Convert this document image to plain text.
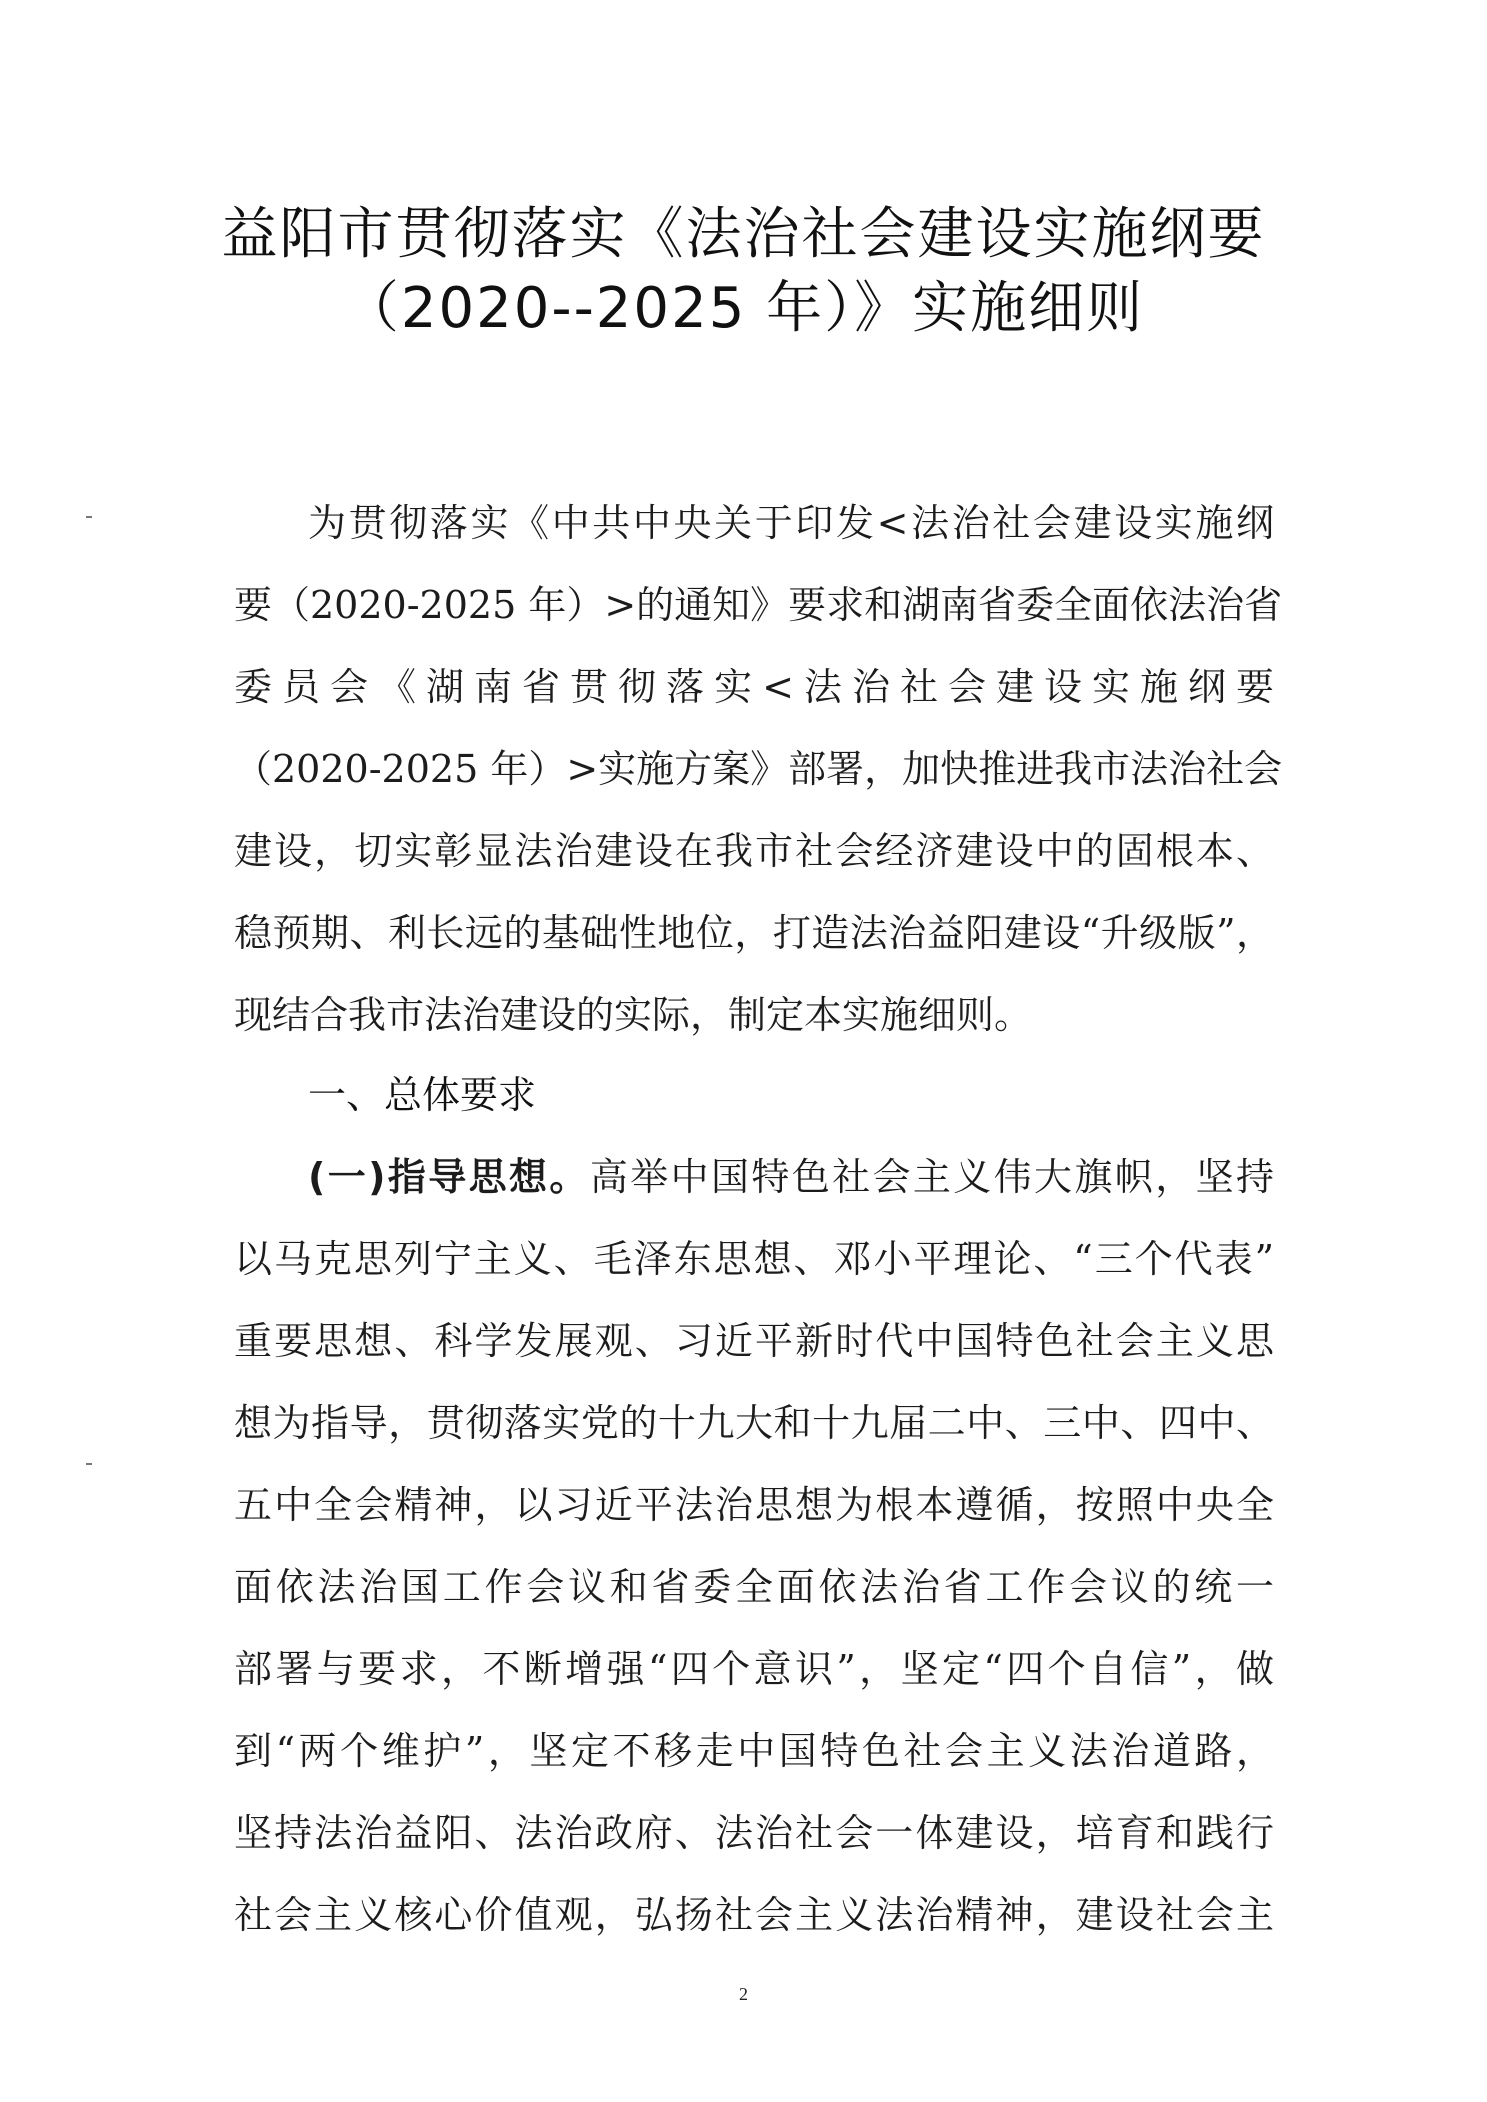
益阳市贯彻落实《法治社会建设实施纲要
（2020--2025 年）》实施细则
为贯彻落实《中共中央关于印发<法治社会建设实施纲
要（2020-2025 年）>的通知》要求和湖南省委全面依法治省
委员会《湖南省贯彻落实<法治社会建设实施纲要
（2020-2025 年）>实施方案》部署，加快推进我市法治社会
建设，切实彰显法治建设在我市社会经济建设中的固根本、
稳预期、利长远的基础性地位，打造法治益阳建设“升级版”，
现结合我市法治建设的实际，制定本实施细则。
一、总体要求
(一)指导思想。高举中国特色社会主义伟大旗帜，坚持
以马克思列宁主义、毛泽东思想、邓小平理论、“三个代表”
重要思想、科学发展观、习近平新时代中国特色社会主义思
想为指导，贯彻落实党的十九大和十九届二中、三中、四中、
五中全会精神，以习近平法治思想为根本遵循，按照中央全
面依法治国工作会议和省委全面依法治省工作会议的统一
部署与要求，不断增强“四个意识”，坚定“四个自信”，做
到“两个维护”，坚定不移走中国特色社会主义法治道路，
坚持法治益阳、法治政府、法治社会一体建设，培育和践行
社会主义核心价值观，弘扬社会主义法治精神，建设社会主
2
